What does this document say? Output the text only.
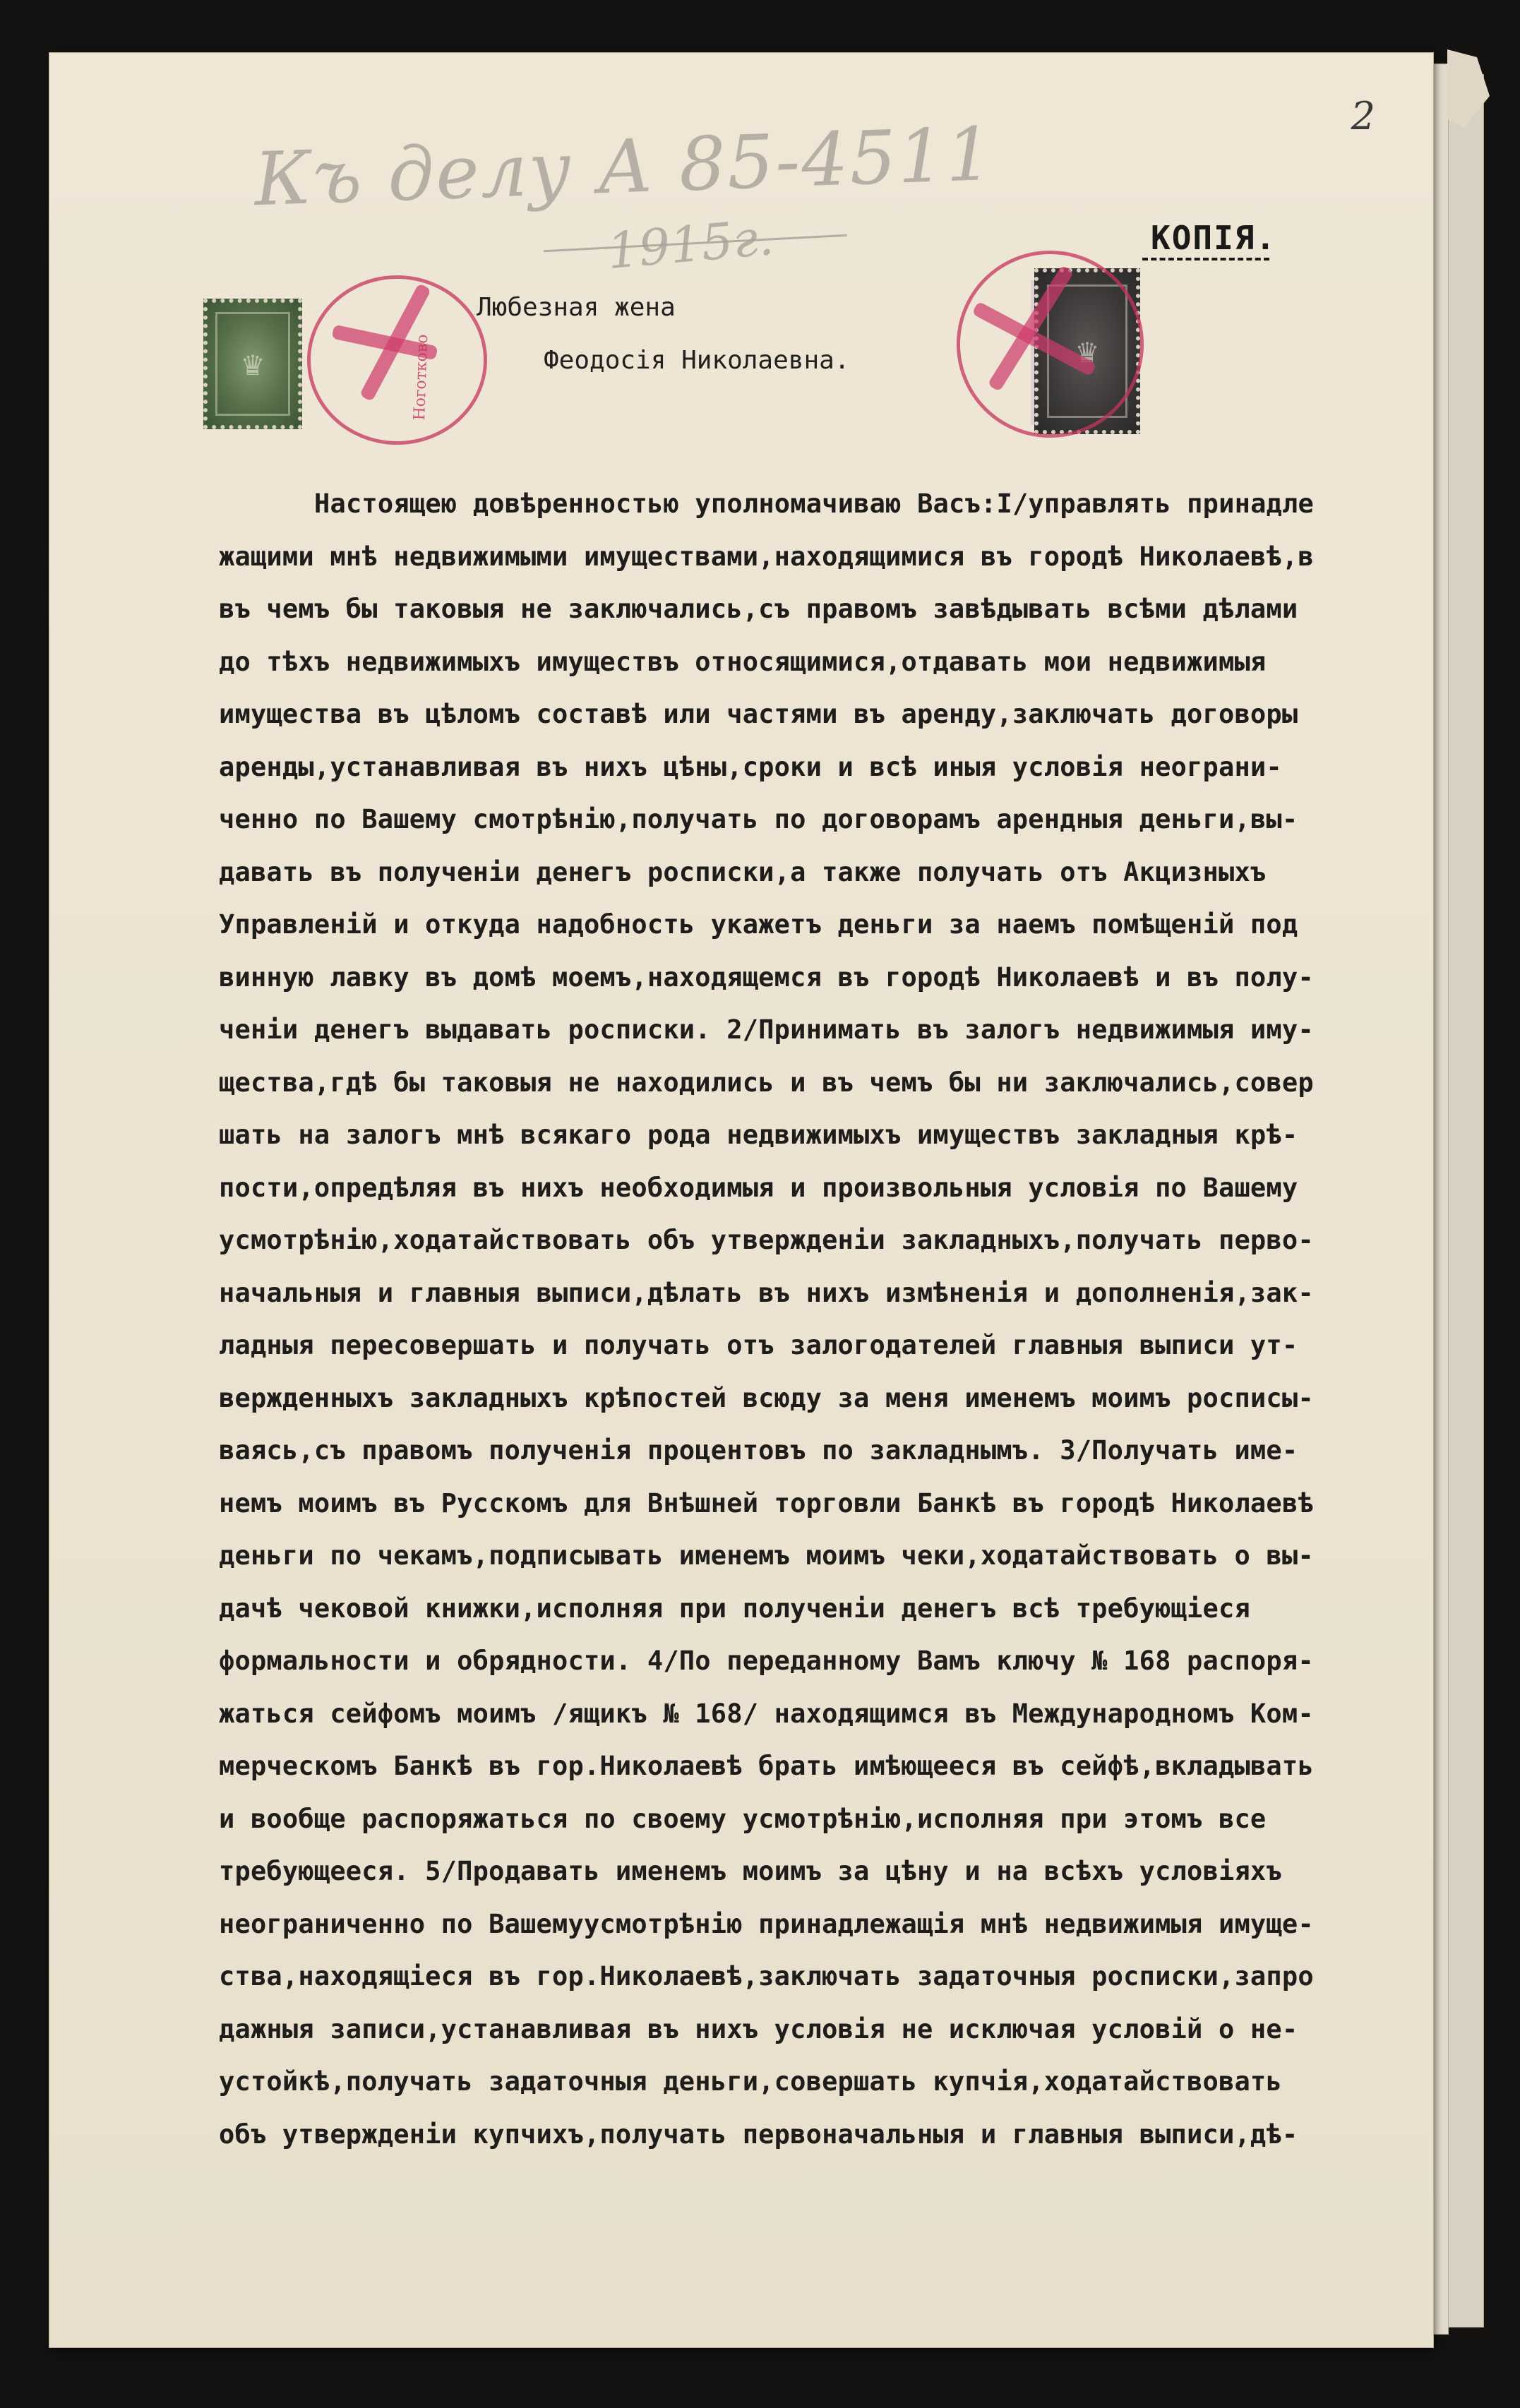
2
Къ делу А 85-4511
1915г.	КОПIЯ.
♛	Ноготково	♛
Любезная жена
Феодосiя Николаевна.
Настоящею довѣренностью уполномачиваю Васъ:I/управлять принадле
жащими мнѣ недвижимыми имуществами,находящимися въ городѣ Николаевѣ,в
въ чемъ бы таковыя не заключались,съ правомъ завѣдывать всѣми дѣлами
до тѣхъ недвижимыхъ имуществъ относящимися,отдавать мои недвижимыя
имущества въ цѣломъ составѣ или частями въ аренду,заключать договоры
аренды,устанавливая въ нихъ цѣны,сроки и всѣ иныя условiя неограни-
ченно по Вашему смотрѣнiю,получать по договорамъ арендныя деньги,вы-
давать въ полученiи денегъ росписки,а также получать отъ Акцизныхъ
Управленiй и откуда надобность укажетъ деньги за наемъ помѣщенiй под
винную лавку въ домѣ моемъ,находящемся въ городѣ Николаевѣ и въ полу-
ченiи денегъ выдавать росписки. 2/Принимать въ залогъ недвижимыя иму-
щества,гдѣ бы таковыя не находились и въ чемъ бы ни заключались,совер
шать на залогъ мнѣ всякаго рода недвижимыхъ имуществъ закладныя крѣ-
пости,опредѣляя въ нихъ необходимыя и произвольныя условiя по Вашему
усмотрѣнiю,ходатайствовать объ утвержденiи закладныхъ,получать перво-
начальныя и главныя выписи,дѣлать въ нихъ измѣненiя и дополненiя,зак-
ладныя пересовершать и получать отъ залогодателей главныя выписи ут-
вержденныхъ закладныхъ крѣпостей всюду за меня именемъ моимъ росписы-
ваясь,съ правомъ полученiя процентовъ по закладнымъ. 3/Получать име-
немъ моимъ въ Русскомъ для Внѣшней торговли Банкѣ въ городѣ Николаевѣ
деньги по чекамъ,подписывать именемъ моимъ чеки,ходатайствовать о вы-
дачѣ чековой книжки,исполняя при полученiи денегъ всѣ требующiеся
формальности и обрядности. 4/По переданному Вамъ ключу № 168 распоря-
жаться сейфомъ моимъ /ящикъ № 168/ находящимся въ Международномъ Ком-
мерческомъ Банкѣ въ гор.Николаевѣ брать имѣющееся въ сейфѣ,вкладывать
и вообще распоряжаться по своему усмотрѣнiю,исполняя при этомъ все
требующееся. 5/Продавать именемъ моимъ за цѣну и на всѣхъ условiяхъ
неограниченно по Вашемуусмотрѣнiю принадлежащiя мнѣ недвижимыя имуще-
ства,находящiеся въ гор.Николаевѣ,заключать задаточныя росписки,запро
дажныя записи,устанавливая въ нихъ условiя не исключая условiй о не-
устойкѣ,получать задаточныя деньги,совершать купчiя,ходатайствовать
объ утвержденiи купчихъ,получать первоначальныя и главныя выписи,дѣ-
